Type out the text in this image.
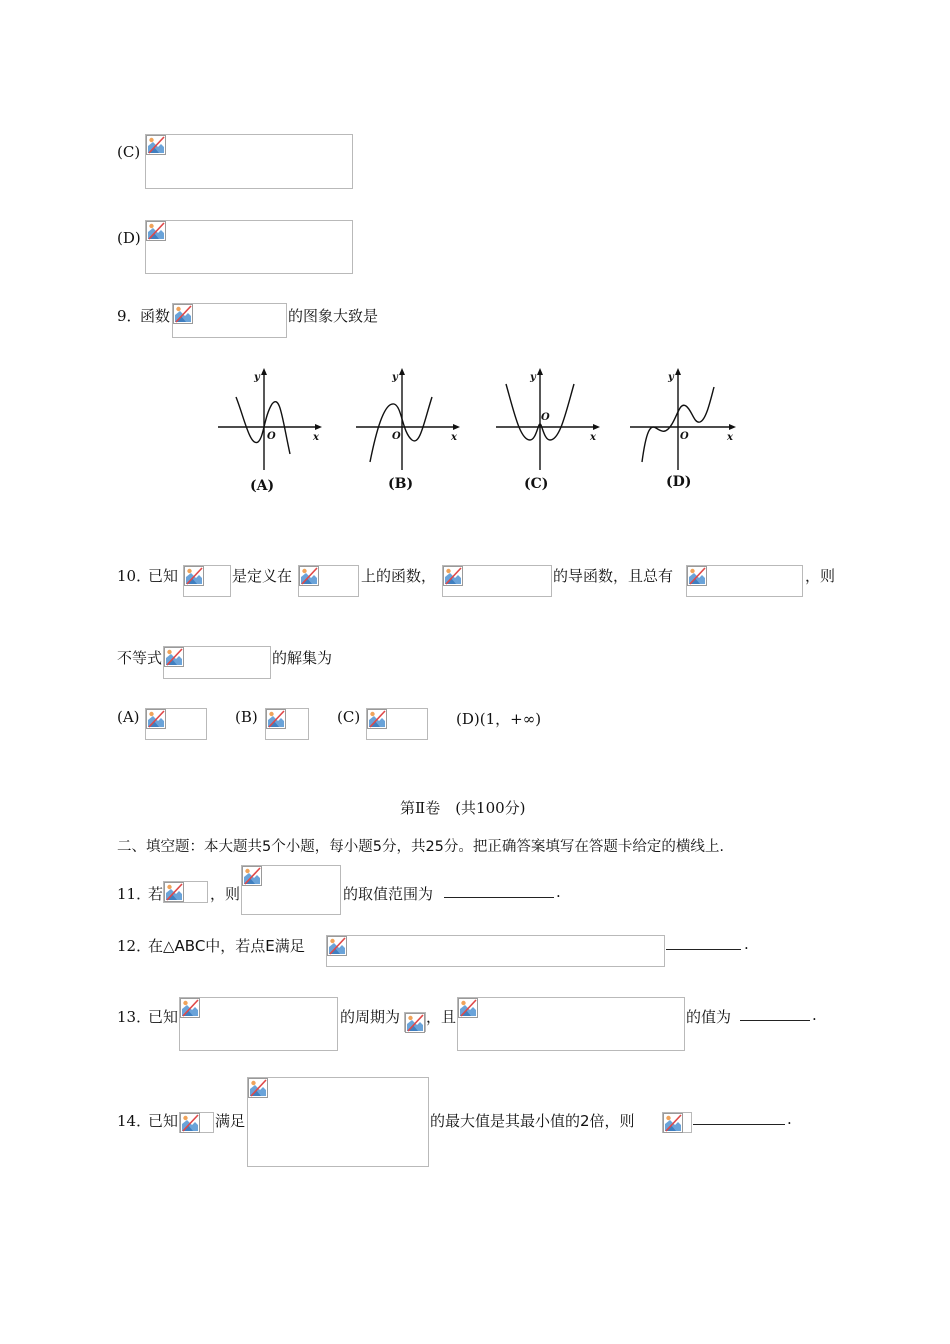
(C)
(D)
9．
函数	的图象大致是
y
x
O
y
x
O
y
x
O
y
x
O
(A)	(B)	(C)	(D)
10．
已知	是定义在	上的函数，	的导函数，且总有	，则
不等式	的解集为
(A)	(B)	(C)	(D)(1，+∞)
第Ⅱ卷　(共100分)
二、填空题：本大题共5个小题，每小题5分，共25分。把正确答案填写在答题卡给定的横线上.
11．
若	，则	的取值范围为	.
12．
在△ABC中，若点E满足	.
13．
已知	的周期为 ，且	的值为	.
14．
已知 满足	的最大值是其最小值的2倍，则	.
